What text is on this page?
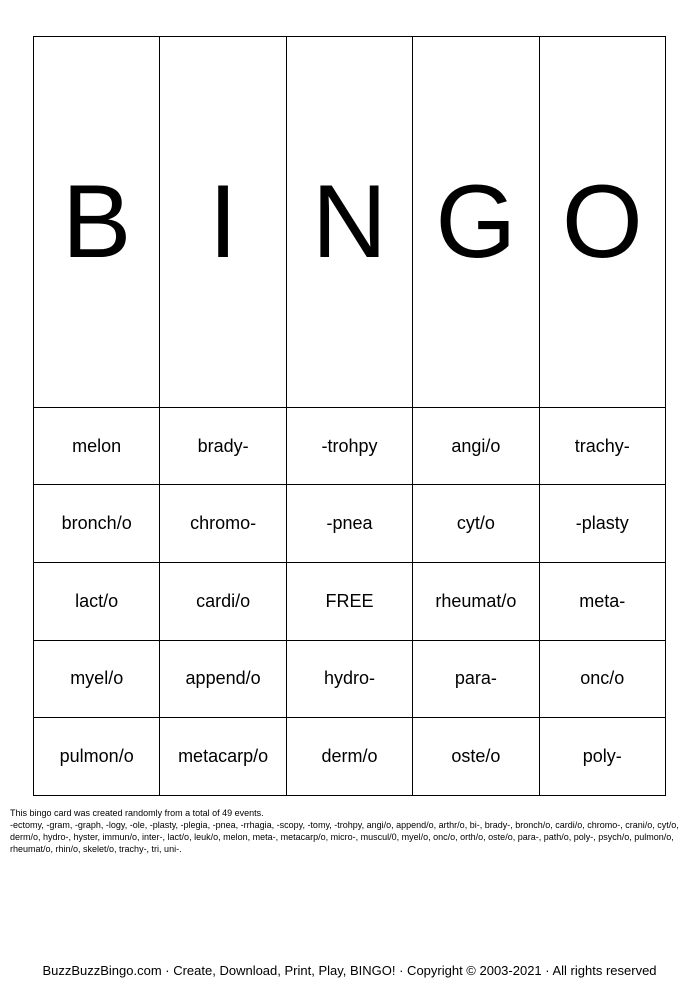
B	I	N	G	O
melon	brady-	-trohpy	angi/o	trachy-
bronch/o	chromo-	-pnea	cyt/o	-plasty
lact/o	cardi/o	FREE	rheumat/o	meta-
myel/o	append/o	hydro-	para-	onc/o
pulmon/o	metacarp/o	derm/o	oste/o	poly-

This bingo card was created randomly from a total of 49 events.

-ectomy, -gram, -graph, -logy, -ole, -plasty, -plegia, -pnea, -rrhagia, -scopy, -tomy, -trohpy, angi/o, append/o, arthr/o, bi-, brady-, bronch/o, cardi/o, chromo-, crani/o, cyt/o, derm/o, hydro-, hyster, immun/o, inter-, lact/o, leuk/o, melon, meta-, metacarp/o, micro-, muscul/0, myel/o, onc/o, orth/o, oste/o, para-, path/o, poly-, psych/o, pulmon/o, rheumat/o, rhin/o, skelet/o, trachy-, tri, uni-.

BuzzBuzzBingo.com · Create, Download, Print, Play, BINGO! · Copyright © 2003-2021 · All rights reserved
